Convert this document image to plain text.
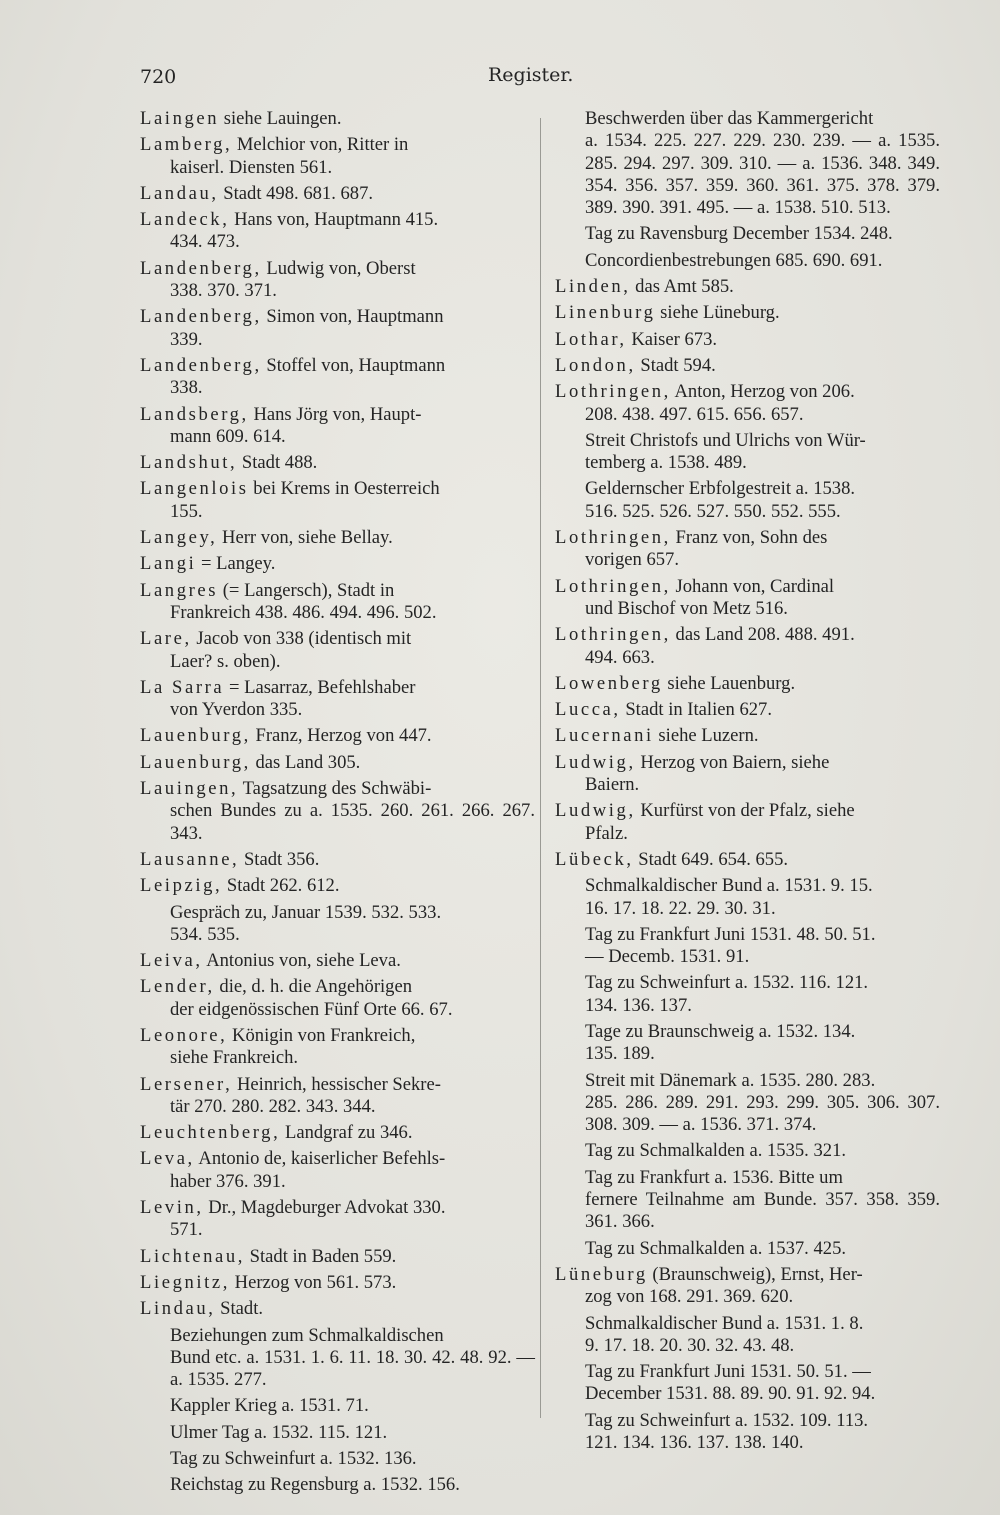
720	Register.
Laingen siehe Lauingen.
Lamberg, Melchior von, Ritter in
kaiserl. Diensten 561.
Landau, Stadt 498. 681. 687.
Landeck, Hans von, Hauptmann 415.
434. 473.
Landenberg, Ludwig von, Oberst
338. 370. 371.
Landenberg, Simon von, Hauptmann
339.
Landenberg, Stoffel von, Hauptmann
338.
Landsberg, Hans Jörg von, Haupt-
mann 609. 614.
Landshut, Stadt 488.
Langenlois bei Krems in Oesterreich
155.
Langey, Herr von, siehe Bellay.
Langi = Langey.
Langres (= Langersch), Stadt in
Frankreich 438. 486. 494. 496. 502.
Lare, Jacob von 338 (identisch mit
Laer? s. oben).
La Sarra = Lasarraz, Befehlshaber
von Yverdon 335.
Lauenburg, Franz, Herzog von 447.
Lauenburg, das Land 305.
Lauingen, Tagsatzung des Schwäbi-
schen Bundes zu a. 1535. 260. 261. 266. 267. 343.
Lausanne, Stadt 356.
Leipzig, Stadt 262. 612.
Gespräch zu, Januar 1539. 532. 533.
534. 535.
Leiva, Antonius von, siehe Leva.
Lender, die, d. h. die Angehörigen
der eidgenössischen Fünf Orte 66. 67.
Leonore, Königin von Frankreich,
siehe Frankreich.
Lersener, Heinrich, hessischer Sekre-
tär 270. 280. 282. 343. 344.
Leuchtenberg, Landgraf zu 346.
Leva, Antonio de, kaiserlicher Befehls-
haber 376. 391.
Levin, Dr., Magdeburger Advokat 330.
571.
Lichtenau, Stadt in Baden 559.
Liegnitz, Herzog von 561. 573.
Lindau, Stadt.
Beziehungen zum Schmalkaldischen
Bund etc. a. 1531. 1. 6. 11. 18. 30. 42. 48. 92. — a. 1535. 277.
Kappler Krieg a. 1531. 71.
Ulmer Tag a. 1532. 115. 121.
Tag zu Schweinfurt a. 1532. 136.
Reichstag zu Regensburg a. 1532. 156.
Beschwerden über das Kammergericht
a. 1534. 225. 227. 229. 230. 239. — a. 1535. 285. 294. 297. 309. 310. — a. 1536. 348. 349. 354. 356. 357. 359. 360. 361. 375. 378. 379. 389. 390. 391. 495. — a. 1538. 510. 513.
Tag zu Ravensburg December 1534. 248.
Concordienbestrebungen 685. 690. 691.
Linden, das Amt 585.
Linenburg siehe Lüneburg.
Lothar, Kaiser 673.
London, Stadt 594.
Lothringen, Anton, Herzog von 206.
208. 438. 497. 615. 656. 657.
Streit Christofs und Ulrichs von Wür-
temberg a. 1538. 489.
Geldernscher Erbfolgestreit a. 1538.
516. 525. 526. 527. 550. 552. 555.
Lothringen, Franz von, Sohn des
vorigen 657.
Lothringen, Johann von, Cardinal
und Bischof von Metz 516.
Lothringen, das Land 208. 488. 491.
494. 663.
Lowenberg siehe Lauenburg.
Lucca, Stadt in Italien 627.
Lucernani siehe Luzern.
Ludwig, Herzog von Baiern, siehe
Baiern.
Ludwig, Kurfürst von der Pfalz, siehe
Pfalz.
Lübeck, Stadt 649. 654. 655.
Schmalkaldischer Bund a. 1531. 9. 15.
16. 17. 18. 22. 29. 30. 31.
Tag zu Frankfurt Juni 1531. 48. 50. 51.
— Decemb. 1531. 91.
Tag zu Schweinfurt a. 1532. 116. 121.
134. 136. 137.
Tage zu Braunschweig a. 1532. 134.
135. 189.
Streit mit Dänemark a. 1535. 280. 283.
285. 286. 289. 291. 293. 299. 305. 306. 307. 308. 309. — a. 1536. 371. 374.
Tag zu Schmalkalden a. 1535. 321.
Tag zu Frankfurt a. 1536. Bitte um
fernere Teilnahme am Bunde. 357. 358. 359. 361. 366.
Tag zu Schmalkalden a. 1537. 425.
Lüneburg (Braunschweig), Ernst, Her-
zog von 168. 291. 369. 620.
Schmalkaldischer Bund a. 1531. 1. 8.
9. 17. 18. 20. 30. 32. 43. 48.
Tag zu Frankfurt Juni 1531. 50. 51. —
December 1531. 88. 89. 90. 91. 92. 94.
Tag zu Schweinfurt a. 1532. 109. 113.
121. 134. 136. 137. 138. 140.
